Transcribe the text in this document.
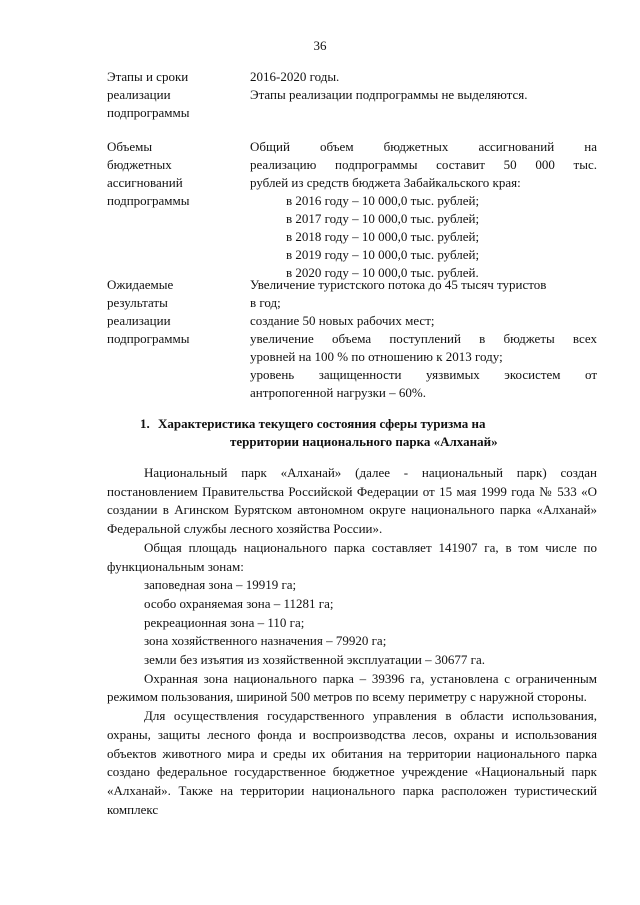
36
Этапы и сроки
реализации
подпрограммы
2016-2020 годы.
Этапы реализации подпрограммы не выделяются.
Объемы
бюджетных
ассигнований
подпрограммы
Общий объем бюджетных ассигнований на
реализацию подпрограммы составит 50 000 тыс.
рублей из средств бюджета Забайкальского края:
в 2016 году – 10 000,0 тыс. рублей;
в 2017 году – 10 000,0 тыс. рублей;
в 2018 году – 10 000,0 тыс. рублей;
в 2019 году – 10 000,0 тыс. рублей;
в 2020 году – 10 000,0 тыс. рублей.
Ожидаемые
результаты
реализации
подпрограммы
Увеличение туристского потока до 45 тысяч туристов
в год;
создание 50 новых рабочих мест;
увеличение объема поступлений в бюджеты всех
уровней на 100 % по отношению к 2013 году;
уровень защищенности уязвимых экосистем от
антропогенной нагрузки – 60%.
1. Характеристика текущего состояния сферы туризма на
территории национального парка «Алханай»

Национальный парк «Алханай» (далее - национальный парк) создан постановлением Правительства Российской Федерации от 15 мая 1999 года № 533 «О создании в Агинском Бурятском автономном округе национального парка «Алханай» Федеральной службы лесного хозяйства России».

Общая площадь национального парка составляет 141907 га, в том числе по функциональным зонам:

заповедная зона – 19919 га;

особо охраняемая зона – 11281 га;

рекреационная зона – 110 га;

зона хозяйственного назначения – 79920 га;

земли без изъятия из хозяйственной эксплуатации – 30677 га.

Охранная зона национального парка – 39396 га, установлена с ограниченным режимом пользования, шириной 500 метров по всему периметру с наружной стороны.

Для осуществления государственного управления в области использования, охраны, защиты лесного фонда и воспроизводства лесов, охраны и использования объектов животного мира и среды их обитания на территории национального парка создано федеральное государственное бюджетное учреждение «Национальный парк «Алханай». Также на территории национального парка расположен туристический комплекс
